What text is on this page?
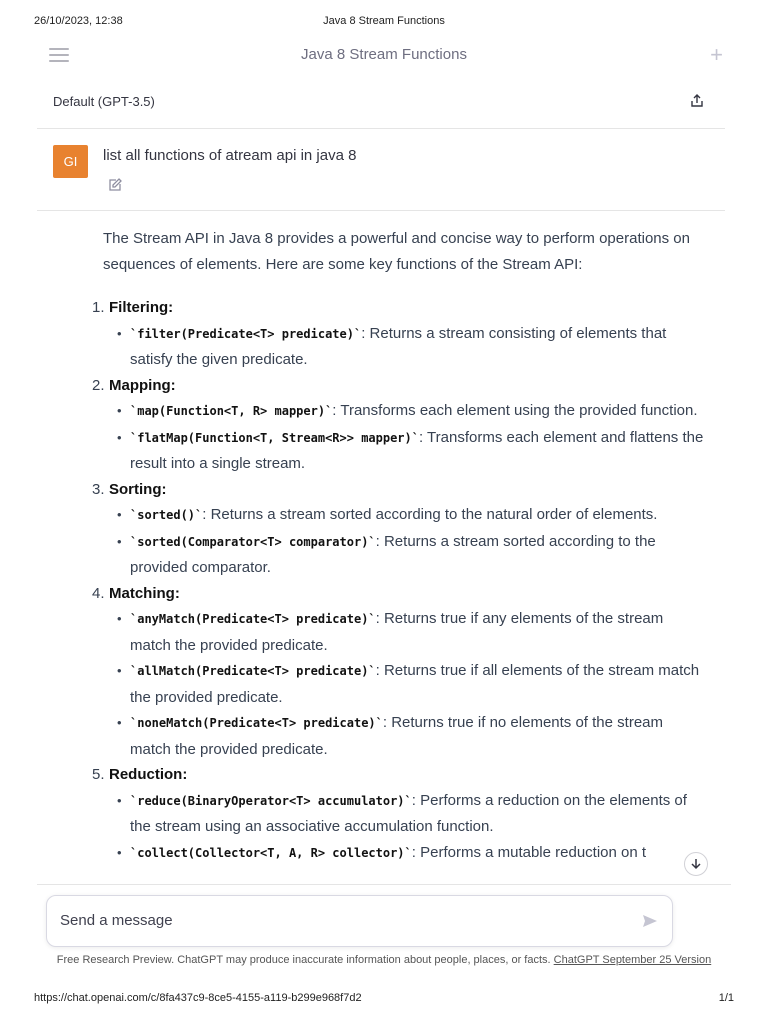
26/10/2023, 12:38	Java 8 Stream Functions
Java 8 Stream Functions	+
Default (GPT-3.5)
GI	list all functions of atream api in java 8

The Stream API in Java 8 provides a powerful and concise way to perform operations on sequences of elements. Here are some key functions of the Stream API:

1. Filtering:
• `filter(Predicate<T> predicate)`: Returns a stream consisting of elements that satisfy the given predicate.
2. Mapping:
• `map(Function<T, R> mapper)`: Transforms each element using the provided function.
• `flatMap(Function<T, Stream<R>> mapper)`: Transforms each element and flattens the result into a single stream.
3. Sorting:
• `sorted()`: Returns a stream sorted according to the natural order of elements.
• `sorted(Comparator<T> comparator)`: Returns a stream sorted according to the provided comparator.
4. Matching:
• `anyMatch(Predicate<T> predicate)`: Returns true if any elements of the stream match the provided predicate.
• `allMatch(Predicate<T> predicate)`: Returns true if all elements of the stream match the provided predicate.
• `noneMatch(Predicate<T> predicate)`: Returns true if no elements of the stream match the provided predicate.
5. Reduction:
• `reduce(BinaryOperator<T> accumulator)`: Performs a reduction on the elements of the stream using an associative accumulation function.
• `collect(Collector<T, A, R> collector)`: Performs a mutable reduction on t
Send a message
Free Research Preview. ChatGPT may produce inaccurate information about people, places, or facts. ChatGPT September 25 Version
https://chat.openai.com/c/8fa437c9-8ce5-4155-a119-b299e968f7d2	1/1
